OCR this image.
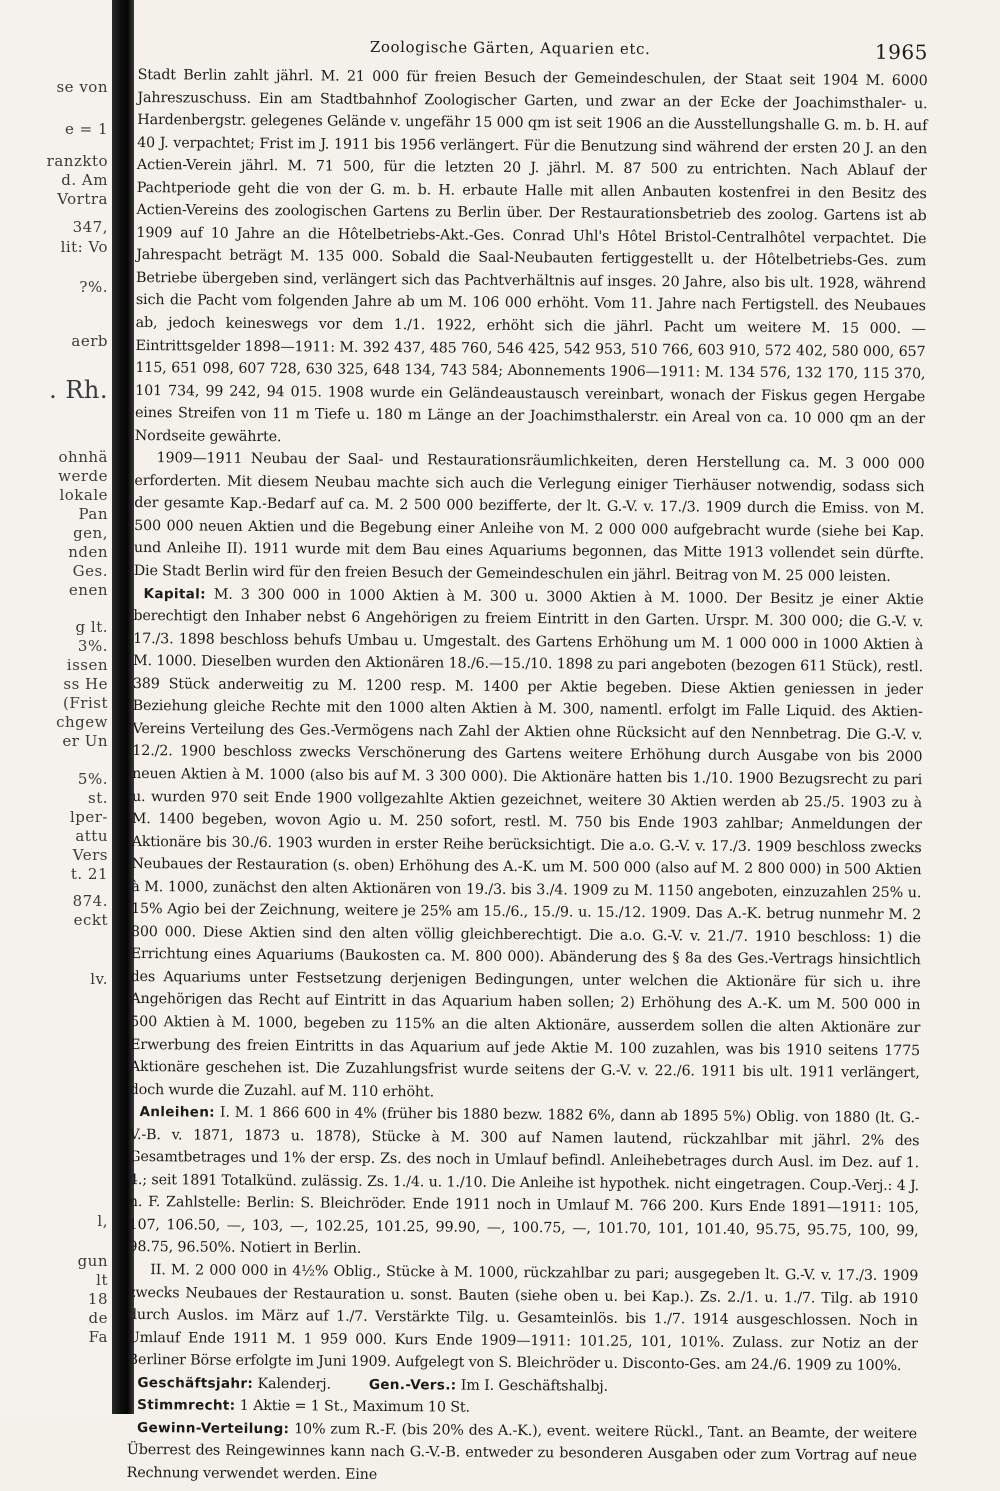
se von
e = 1
ranzkto
d. Am
Vortra
347,
lit: Vo
?%.
aerb
. Rh.
ohnhä
werde
lokale
Pan
gen,
nden
Ges.
enen
g lt.
3%.
issen
ss He
(Frist
chgew
er Un
5%.
st.
lper-
attu
Vers
t. 21
874.
eckt
lv.
l,
gun
lt
18
de
Fa
Zoologische Gärten, Aquarien etc.	1965

Stadt Berlin zahlt jährl. M. 21 000 für freien Besuch der Gemeindeschulen, der Staat seit 1904 M. 6000 Jahreszuschuss. Ein am Stadtbahnhof Zoologischer Garten, und zwar an der Ecke der Joachimsthaler- u. Hardenbergstr. gelegenes Gelände v. ungefähr 15 000 qm ist seit 1906 an die Ausstellungshalle G. m. b. H. auf 40 J. verpachtet; Frist im J. 1911 bis 1956 verlängert. Für die Benutzung sind während der ersten 20 J. an den Actien-Verein jährl. M. 71 500, für die letzten 20 J. jährl. M. 87 500 zu entrichten. Nach Ablauf der Pachtperiode geht die von der G. m. b. H. erbaute Halle mit allen Anbauten kostenfrei in den Besitz des Actien-Vereins des zoologischen Gartens zu Berlin über. Der Restaurationsbetrieb des zoolog. Gartens ist ab 1909 auf 10 Jahre an die Hôtelbetriebs-Akt.-Ges. Conrad Uhl's Hôtel Bristol-Centralhôtel verpachtet. Die Jahrespacht beträgt M. 135 000. Sobald die Saal-Neubauten fertiggestellt u. der Hôtelbetriebs-Ges. zum Betriebe übergeben sind, verlängert sich das Pachtverhältnis auf insges. 20 Jahre, also bis ult. 1928, während sich die Pacht vom folgenden Jahre ab um M. 106 000 erhöht. Vom 11. Jahre nach Fertigstell. des Neubaues ab, jedoch keineswegs vor dem 1./1. 1922, erhöht sich die jährl. Pacht um weitere M. 15 000. — Eintrittsgelder 1898—1911: M. 392 437, 485 760, 546 425, 542 953, 510 766, 603 910, 572 402, 580 000, 657 115, 651 098, 607 728, 630 325, 648 134, 743 584; Abonnements 1906—1911: M. 134 576, 132 170, 115 370, 101 734, 99 242, 94 015. 1908 wurde ein Geländeaustausch vereinbart, wonach der Fiskus gegen Hergabe eines Streifen von 11 m Tiefe u. 180 m Länge an der Joachimsthalerstr. ein Areal von ca. 10 000 qm an der Nordseite gewährte.

1909—1911 Neubau der Saal- und Restaurationsräumlichkeiten, deren Herstellung ca. M. 3 000 000 erforderten. Mit diesem Neubau machte sich auch die Verlegung einiger Tierhäuser notwendig, sodass sich der gesamte Kap.-Bedarf auf ca. M. 2 500 000 bezifferte, der lt. G.-V. v. 17./3. 1909 durch die Emiss. von M. 500 000 neuen Aktien und die Begebung einer Anleihe von M. 2 000 000 aufgebracht wurde (siehe bei Kap. und Anleihe II). 1911 wurde mit dem Bau eines Aquariums begonnen, das Mitte 1913 vollendet sein dürfte. Die Stadt Berlin wird für den freien Besuch der Gemeindeschulen ein jährl. Beitrag von M. 25 000 leisten.

Kapital: M. 3 300 000 in 1000 Aktien à M. 300 u. 3000 Aktien à M. 1000. Der Besitz je einer Aktie berechtigt den Inhaber nebst 6 Angehörigen zu freiem Eintritt in den Garten. Urspr. M. 300 000; die G.-V. v. 17./3. 1898 beschloss behufs Umbau u. Umgestalt. des Gartens Erhöhung um M. 1 000 000 in 1000 Aktien à M. 1000. Dieselben wurden den Aktionären 18./6.—15./10. 1898 zu pari angeboten (bezogen 611 Stück), restl. 389 Stück anderweitig zu M. 1200 resp. M. 1400 per Aktie begeben. Diese Aktien geniessen in jeder Beziehung gleiche Rechte mit den 1000 alten Aktien à M. 300, namentl. erfolgt im Falle Liquid. des Aktien-Vereins Verteilung des Ges.-Vermögens nach Zahl der Aktien ohne Rücksicht auf den Nennbetrag. Die G.-V. v. 12./2. 1900 beschloss zwecks Verschönerung des Gartens weitere Erhöhung durch Ausgabe von bis 2000 neuen Aktien à M. 1000 (also bis auf M. 3 300 000). Die Aktionäre hatten bis 1./10. 1900 Bezugsrecht zu pari u. wurden 970 seit Ende 1900 vollgezahlte Aktien gezeichnet, weitere 30 Aktien werden ab 25./5. 1903 zu à M. 1400 begeben, wovon Agio u. M. 250 sofort, restl. M. 750 bis Ende 1903 zahlbar; Anmeldungen der Aktionäre bis 30./6. 1903 wurden in erster Reihe berücksichtigt. Die a.o. G.-V. v. 17./3. 1909 beschloss zwecks Neubaues der Restauration (s. oben) Erhöhung des A.-K. um M. 500 000 (also auf M. 2 800 000) in 500 Aktien à M. 1000, zunächst den alten Aktionären von 19./3. bis 3./4. 1909 zu M. 1150 angeboten, einzuzahlen 25% u. 15% Agio bei der Zeichnung, weitere je 25% am 15./6., 15./9. u. 15./12. 1909. Das A.-K. betrug nunmehr M. 2 800 000. Diese Aktien sind den alten völlig gleichberechtigt. Die a.o. G.-V. v. 21./7. 1910 beschloss: 1) die Errichtung eines Aquariums (Baukosten ca. M. 800 000). Abänderung des § 8a des Ges.-Vertrags hinsichtlich des Aquariums unter Festsetzung derjenigen Bedingungen, unter welchen die Aktionäre für sich u. ihre Angehörigen das Recht auf Eintritt in das Aquarium haben sollen; 2) Erhöhung des A.-K. um M. 500 000 in 500 Aktien à M. 1000, begeben zu 115% an die alten Aktionäre, ausserdem sollen die alten Aktionäre zur Erwerbung des freien Eintritts in das Aquarium auf jede Aktie M. 100 zuzahlen, was bis 1910 seitens 1775 Aktionäre geschehen ist. Die Zuzahlungsfrist wurde seitens der G.-V. v. 22./6. 1911 bis ult. 1911 verlängert, doch wurde die Zuzahl. auf M. 110 erhöht.

Anleihen: I. M. 1 866 600 in 4% (früher bis 1880 bezw. 1882 6%, dann ab 1895 5%) Oblig. von 1880 (lt. G.-V.-B. v. 1871, 1873 u. 1878), Stücke à M. 300 auf Namen lautend, rückzahlbar mit jährl. 2% des Gesamtbetrages und 1% der ersp. Zs. des noch in Umlauf befindl. Anleihebetrages durch Ausl. im Dez. auf 1. 4.; seit 1891 Totalkünd. zulässig. Zs. 1./4. u. 1./10. Die Anleihe ist hypothek. nicht eingetragen. Coup.-Verj.: 4 J. n. F. Zahlstelle: Berlin: S. Bleichröder. Ende 1911 noch in Umlauf M. 766 200. Kurs Ende 1891—1911: 105, 107, 106.50, —, 103, —, 102.25, 101.25, 99.90, —, 100.75, —, 101.70, 101, 101.40, 95.75, 95.75, 100, 99, 98.75, 96.50%. Notiert in Berlin.

II. M. 2 000 000 in 4½% Oblig., Stücke à M. 1000, rückzahlbar zu pari; ausgegeben lt. G.-V. v. 17./3. 1909 zwecks Neubaues der Restauration u. sonst. Bauten (siehe oben u. bei Kap.). Zs. 2./1. u. 1./7. Tilg. ab 1910 durch Auslos. im März auf 1./7. Verstärkte Tilg. u. Gesamteinlös. bis 1./7. 1914 ausgeschlossen. Noch in Umlauf Ende 1911 M. 1 959 000. Kurs Ende 1909—1911: 101.25, 101, 101%. Zulass. zur Notiz an der Berliner Börse erfolgte im Juni 1909. Aufgelegt von S. Bleichröder u. Disconto-Ges. am 24./6. 1909 zu 100%.

Geschäftsjahr: Kalenderj.	Gen.-Vers.: Im I. Geschäftshalbj.

Stimmrecht: 1 Aktie = 1 St., Maximum 10 St.

Gewinn-Verteilung: 10% zum R.-F. (bis 20% des A.-K.), event. weitere Rückl., Tant. an Beamte, der weitere Überrest des Reingewinnes kann nach G.-V.-B. entweder zu besonderen Ausgaben oder zum Vortrag auf neue Rechnung verwendet werden. Eine
